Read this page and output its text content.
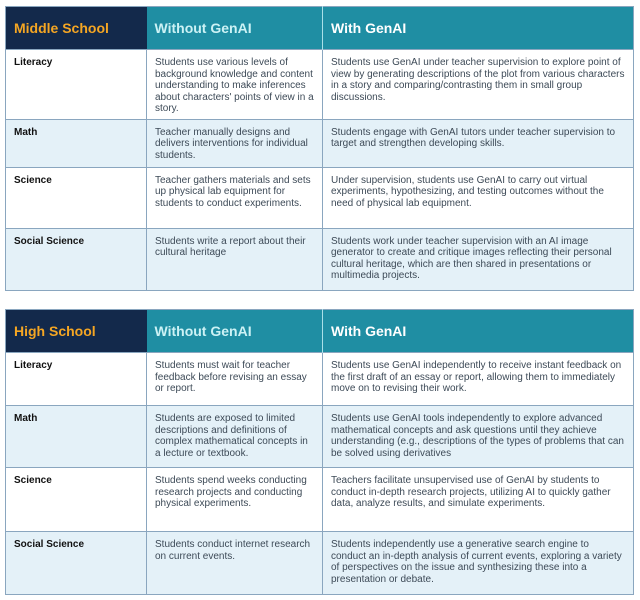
Middle School	Without GenAI	With GenAI
Literacy	Students use various levels of background knowledge and content understanding to make inferences about characters' points of view in a story.	Students use GenAI under teacher supervision to explore point of view by generating descriptions of the plot from various characters in a story and comparing/contrasting them in small group discussions.
Math	Teacher manually designs and delivers interventions for individual students.	Students engage with GenAI tutors under teacher supervision to target and strengthen developing skills.
Science	Teacher gathers materials and sets up physical lab equipment for students to conduct experiments.	Under supervision, students use GenAI to carry out virtual experiments, hypothesizing, and testing outcomes without the need of physical lab equipment.
Social Science	Students write a report about their cultural heritage	Students work under teacher supervision with an AI image generator to create and critique images reflecting their personal cultural heritage, which are then shared in presentations or multimedia projects.
High School	Without GenAI	With GenAI
Literacy	Students must wait for teacher feedback before revising an essay or report.	Students use GenAI independently to receive instant feedback on the first draft of an essay or report, allowing them to immediately move on to revising their work.
Math	Students are exposed to limited descriptions and definitions of complex mathematical concepts in a lecture or textbook.	Students use GenAI tools independently to explore advanced mathematical concepts and ask questions until they achieve understanding (e.g., descriptions of the types of problems that can be solved using derivatives
Science	Students spend weeks conducting research projects and conducting physical experiments.	Teachers facilitate unsupervised use of GenAI by students to conduct in-depth research projects, utilizing AI to quickly gather data, analyze results, and simulate experiments.
Social Science	Students conduct internet research on current events.	Students independently use a generative search engine to conduct an in-depth analysis of current events, exploring a variety of perspectives on the issue and synthesizing these into a presentation or debate.
